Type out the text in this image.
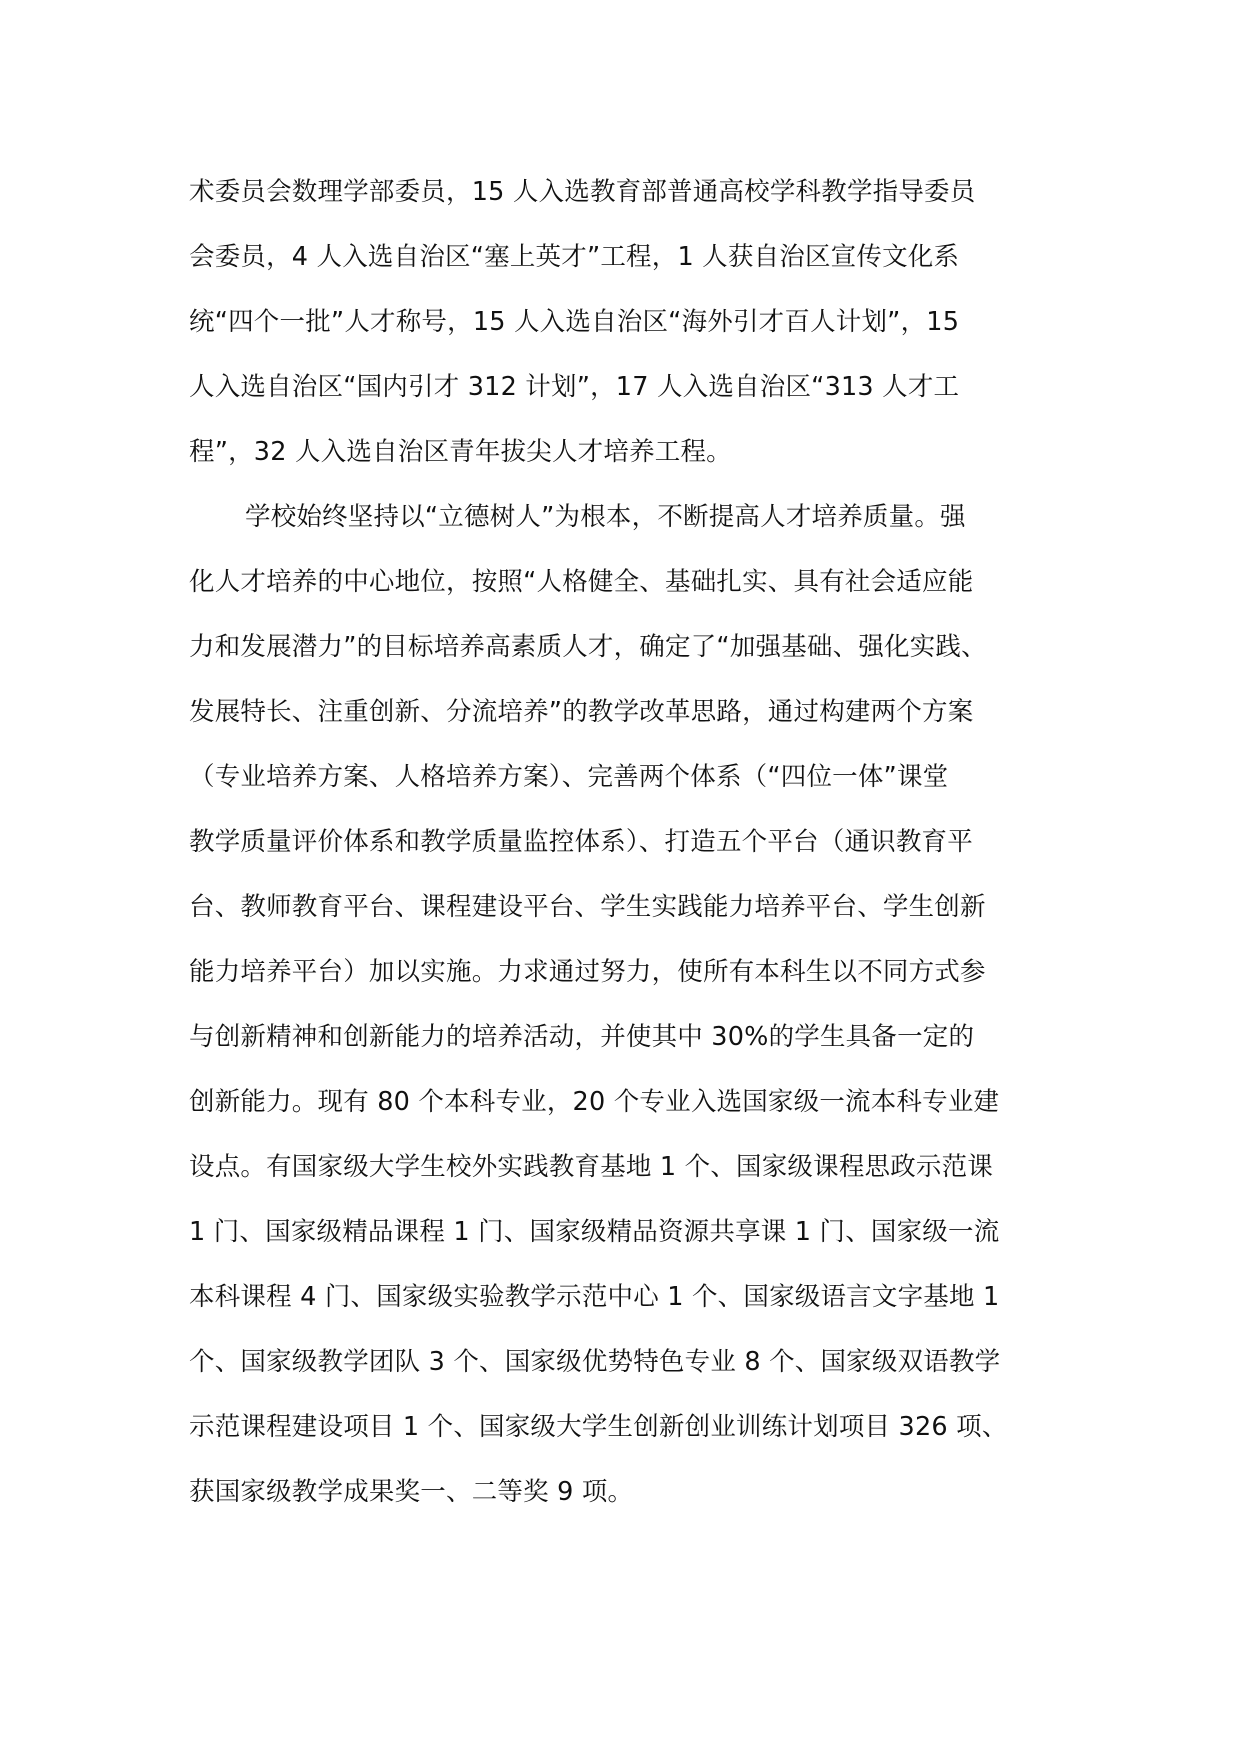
术委员会数理学部委员，15 人入选教育部普通高校学科教学指导委员
会委员，4 人入选自治区“塞上英才”工程，1 人获自治区宣传文化系
统“四个一批”人才称号，15 人入选自治区“海外引才百人计划”，15
人入选自治区“国内引才 312 计划”，17 人入选自治区“313 人才工
程”，32 人入选自治区青年拔尖人才培养工程。
学校始终坚持以“立德树人”为根本，不断提高人才培养质量。强
化人才培养的中心地位，按照“人格健全、基础扎实、具有社会适应能
力和发展潜力”的目标培养高素质人才，确定了“加强基础、强化实践、
发展特长、注重创新、分流培养”的教学改革思路，通过构建两个方案
（专业培养方案、人格培养方案）、完善两个体系（“四位一体”课堂
教学质量评价体系和教学质量监控体系）、打造五个平台（通识教育平
台、教师教育平台、课程建设平台、学生实践能力培养平台、学生创新
能力培养平台）加以实施。力求通过努力，使所有本科生以不同方式参
与创新精神和创新能力的培养活动，并使其中 30%的学生具备一定的
创新能力。现有 80 个本科专业，20 个专业入选国家级一流本科专业建
设点。有国家级大学生校外实践教育基地 1 个、国家级课程思政示范课
1 门、国家级精品课程 1 门、国家级精品资源共享课 1 门、国家级一流
本科课程 4 门、国家级实验教学示范中心 1 个、国家级语言文字基地 1
个、国家级教学团队 3 个、国家级优势特色专业 8 个、国家级双语教学
示范课程建设项目 1 个、国家级大学生创新创业训练计划项目 326 项、
获国家级教学成果奖一、二等奖 9 项。
